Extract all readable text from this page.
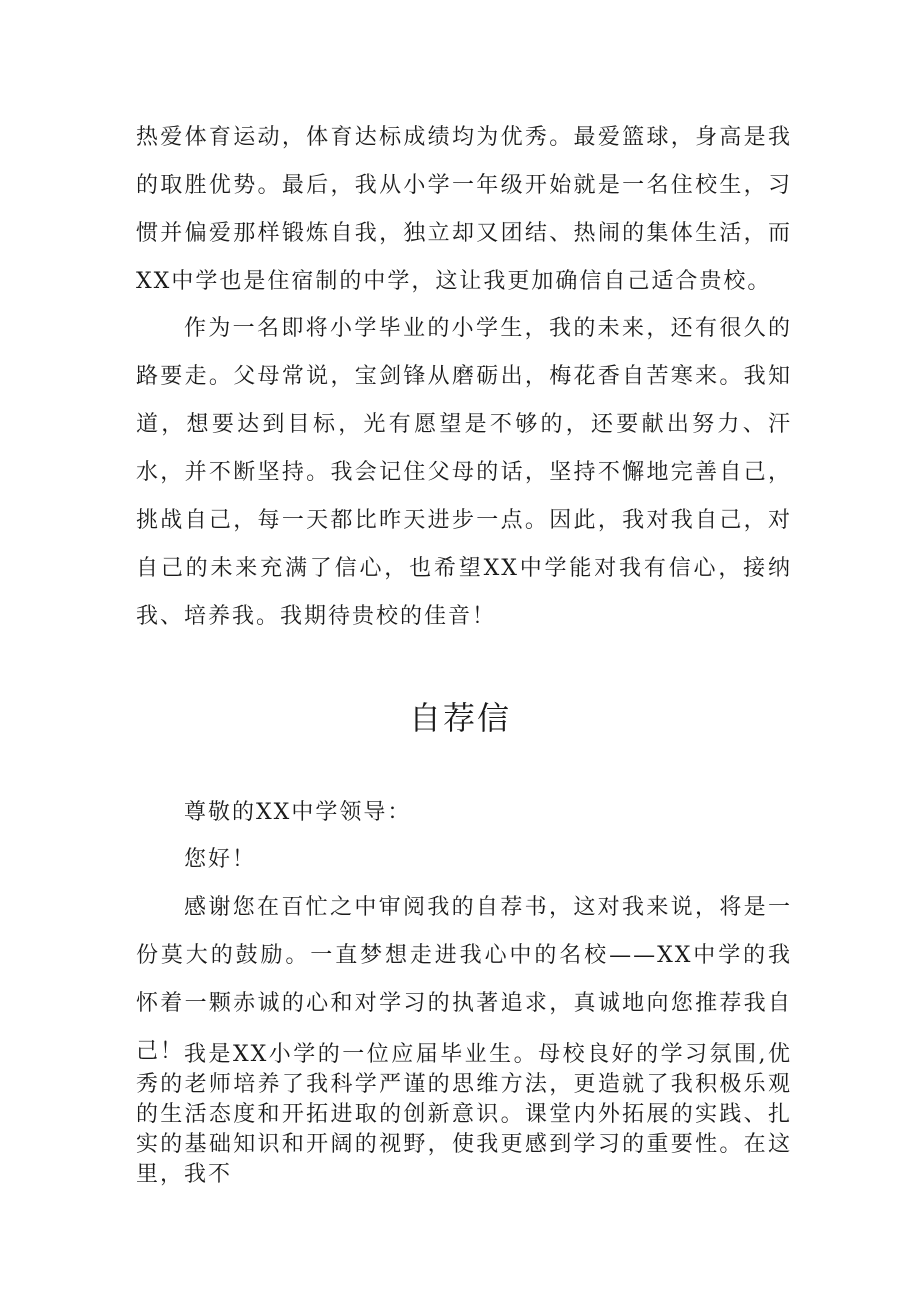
热爱体育运动，体育达标成绩均为优秀。最爱篮球，身高是我的取胜优势。最后，我从小学一年级开始就是一名住校生，习惯并偏爱那样锻炼自我，独立却又团结、热闹的集体生活，而XX中学也是住宿制的中学，这让我更加确信自己适合贵校。

作为一名即将小学毕业的小学生，我的未来，还有很久的路要走。父母常说，宝剑锋从磨砺出，梅花香自苦寒来。我知道，想要达到目标，光有愿望是不够的，还要献出努力、汗水，并不断坚持。我会记住父母的话，坚持不懈地完善自己，挑战自己，每一天都比昨天进步一点。因此，我对我自己，对自己的未来充满了信心，也希望XX中学能对我有信心，接纳我、培养我。我期待贵校的佳音！

自荐信

尊敬的XX中学领导：

您好！

感谢您在百忙之中审阅我的自荐书，这对我来说，将是一份莫大的鼓励。一直梦想走进我心中的名校——XX中学的我怀着一颗赤诚的心和对学习的执著追求，真诚地向您推荐我自己！ 我是XX小学的一位应届毕业生。母校良好的学习氛围,优秀的老师培养了我科学严谨的思维方法，更造就了我积极乐观的生活态度和开拓进取的创新意识。课堂内外拓展的实践、扎实的基础知识和开阔的视野，使我更感到学习的重要性。在这里，我不
